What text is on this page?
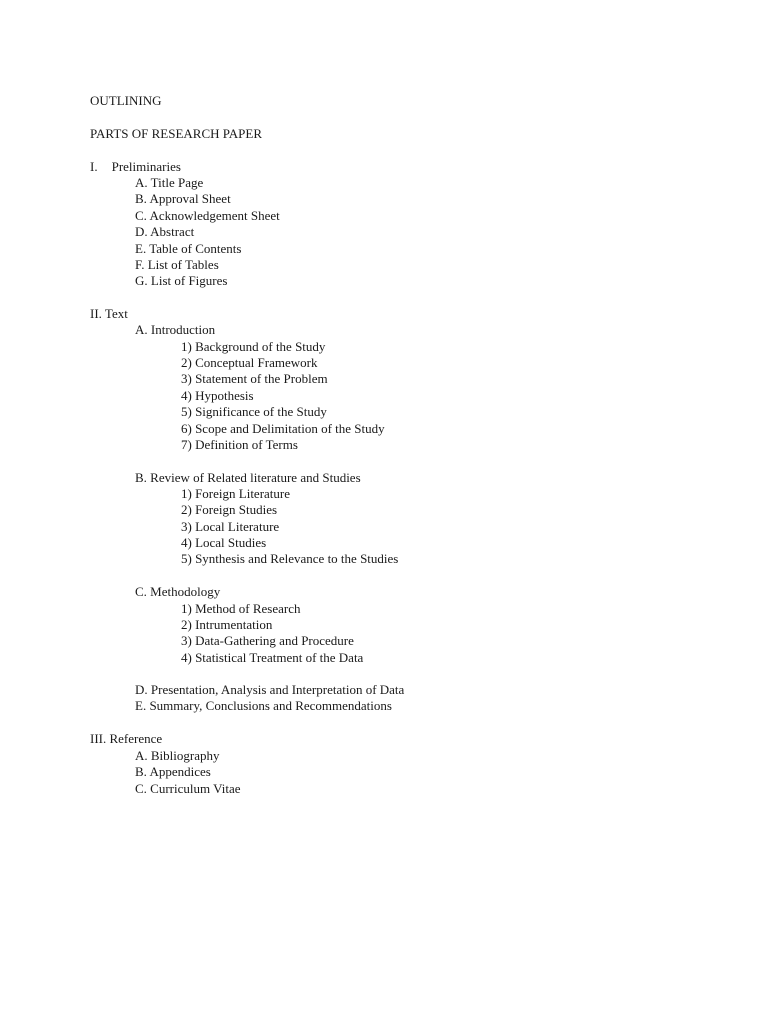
OUTLINING
PARTS OF RESEARCH PAPER
I. Preliminaries
A. Title Page
B. Approval Sheet
C. Acknowledgement Sheet
D. Abstract
E. Table of Contents
F. List of Tables
G. List of Figures
II. Text
A. Introduction
1) Background of the Study
2) Conceptual Framework
3) Statement of the Problem
4) Hypothesis
5) Significance of the Study
6) Scope and Delimitation of the Study
7) Definition of Terms
B. Review of Related literature and Studies
1) Foreign Literature
2) Foreign Studies
3) Local Literature
4) Local Studies
5) Synthesis and Relevance to the Studies
C. Methodology
1) Method of Research
2) Intrumentation
3) Data-Gathering and Procedure
4) Statistical Treatment of the Data
D. Presentation, Analysis and Interpretation of Data
E. Summary, Conclusions and Recommendations
III. Reference
A. Bibliography
B. Appendices
C. Curriculum Vitae
